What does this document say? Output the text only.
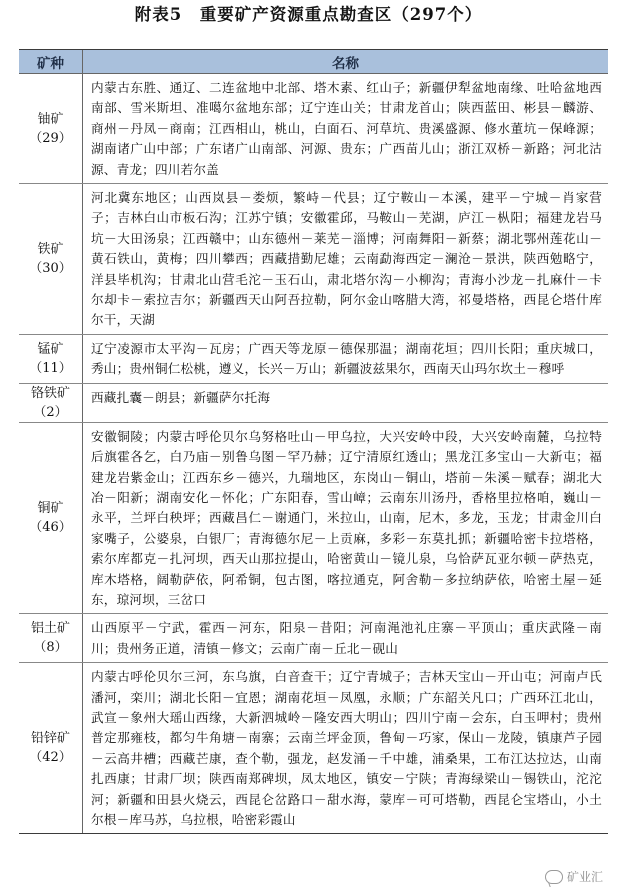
附表5　重要矿产资源重点勘查区（297个）
矿种	名称
铀矿
（29）
内蒙古东胜、通辽、二连盆地中北部、塔木素、红山子；新疆伊犁盆地南缘、吐哈盆地西南部、雪米斯坦、准噶尔盆地东部；辽宁连山关；甘肃龙首山；陕西蓝田、彬县－麟游、商州－丹凤－商南；江西相山，桃山，白面石、河草坑、贵溪盛源、修水董坑－保峰源；湖南诸广山中部；广东诸广山南部、河源、贵东；广西苗儿山；浙江双桥－新路；河北沽源、青龙；四川若尔盖
铁矿
（30）
河北冀东地区；山西岚县－娄烦，繁峙－代县；辽宁鞍山－本溪，建平－宁城－肖家营子；吉林白山市板石沟；江苏宁镇；安徽霍邱，马鞍山－芜湖，庐江－枞阳；福建龙岩马坑－大田汤泉；江西赣中；山东德州－莱芜－淄博；河南舞阳－新蔡；湖北鄂州莲花山－黄石铁山，黄梅；四川攀西；西藏措勤尼雄；云南勐海西定－澜沧－景洪，陕西勉略宁，洋县毕机沟；甘肃北山营毛沱－玉石山，肃北塔尔沟－小柳沟；青海小沙龙－扎麻什－卡尔却卡－索拉吉尔；新疆西天山阿吾拉勒，阿尔金山喀腊大湾，祁曼塔格，西昆仑塔什库尔干，天湖
锰矿
（11）
辽宁凌源市太平沟－瓦房；广西天等龙原－德保那温；湖南花垣；四川长阳；重庆城口，秀山；贵州铜仁松桃，遵义，长兴－万山；新疆波兹果尔，西南天山玛尔坎土－穆呼
铬铁矿
（2）
西藏扎囊－朗县；新疆萨尔托海
铜矿
（46）
安徽铜陵；内蒙古呼伦贝尔乌努格吐山－甲乌拉，大兴安岭中段，大兴安岭南麓，乌拉特后旗霍各乞，白乃庙－别鲁乌图－罕乃赫；辽宁清原红透山；黑龙江多宝山－大新屯；福建龙岩紫金山；江西东乡－德兴，九瑞地区，东岗山－铜山，塔前－朱溪－赋春；湖北大冶－阳新；湖南安化－怀化；广东阳春，雪山嶂；云南东川汤丹，香格里拉格咱，巍山－永平，兰坪白秧坪；西藏昌仁－谢通门，米拉山，山南，尼木，多龙，玉龙；甘肃金川白家嘴子，公婆泉，白银厂；青海德尔尼－上贡麻，多彩－东莫扎抓；新疆哈密卡拉塔格，索尔库都克－扎河坝，西天山那拉提山，哈密黄山－镜儿泉，乌恰萨瓦亚尔顿－萨热克，库木塔格，阔勒萨依，阿希铜，包古图，喀拉通克，阿舍勒－多拉纳萨依，哈密土屋－延东，琼河坝，三岔口
铝土矿
（8）
山西原平－宁武，霍西－河东，阳泉－昔阳；河南渑池礼庄寨－平顶山；重庆武隆－南川；贵州务正道，清镇－修文；云南广南－丘北－砚山
铅锌矿
（42）
内蒙古呼伦贝尔三河，东乌旗，白音查干；辽宁青城子；吉林天宝山－开山屯；河南卢氏潘河，栾川；湖北长阳－宜恩；湖南花垣－凤凰，永顺；广东韶关凡口；广西环江北山，武宣－象州大瑶山西缘，大新泗城岭－隆安西大明山；四川宁南－会东，白玉呷村；贵州普定那雍枝，都匀牛角塘－南寨；云南兰坪金顶，鲁甸－巧家，保山－龙陵，镇康芦子园－云高井槽；西藏芒康，查个勒，强龙，赵发涌－千中雄，浦桑果，工布江达拉达，山南扎西康；甘肃厂坝；陕西南郑碑坝，凤太地区，镇安－宁陕；青海绿梁山－锡铁山，沱沱河；新疆和田县火烧云，西昆仑岔路口－甜水海，蒙库－可可塔勒，西昆仑宝塔山，小土尔根－库马苏，乌拉根，哈密彩霞山
矿业汇
